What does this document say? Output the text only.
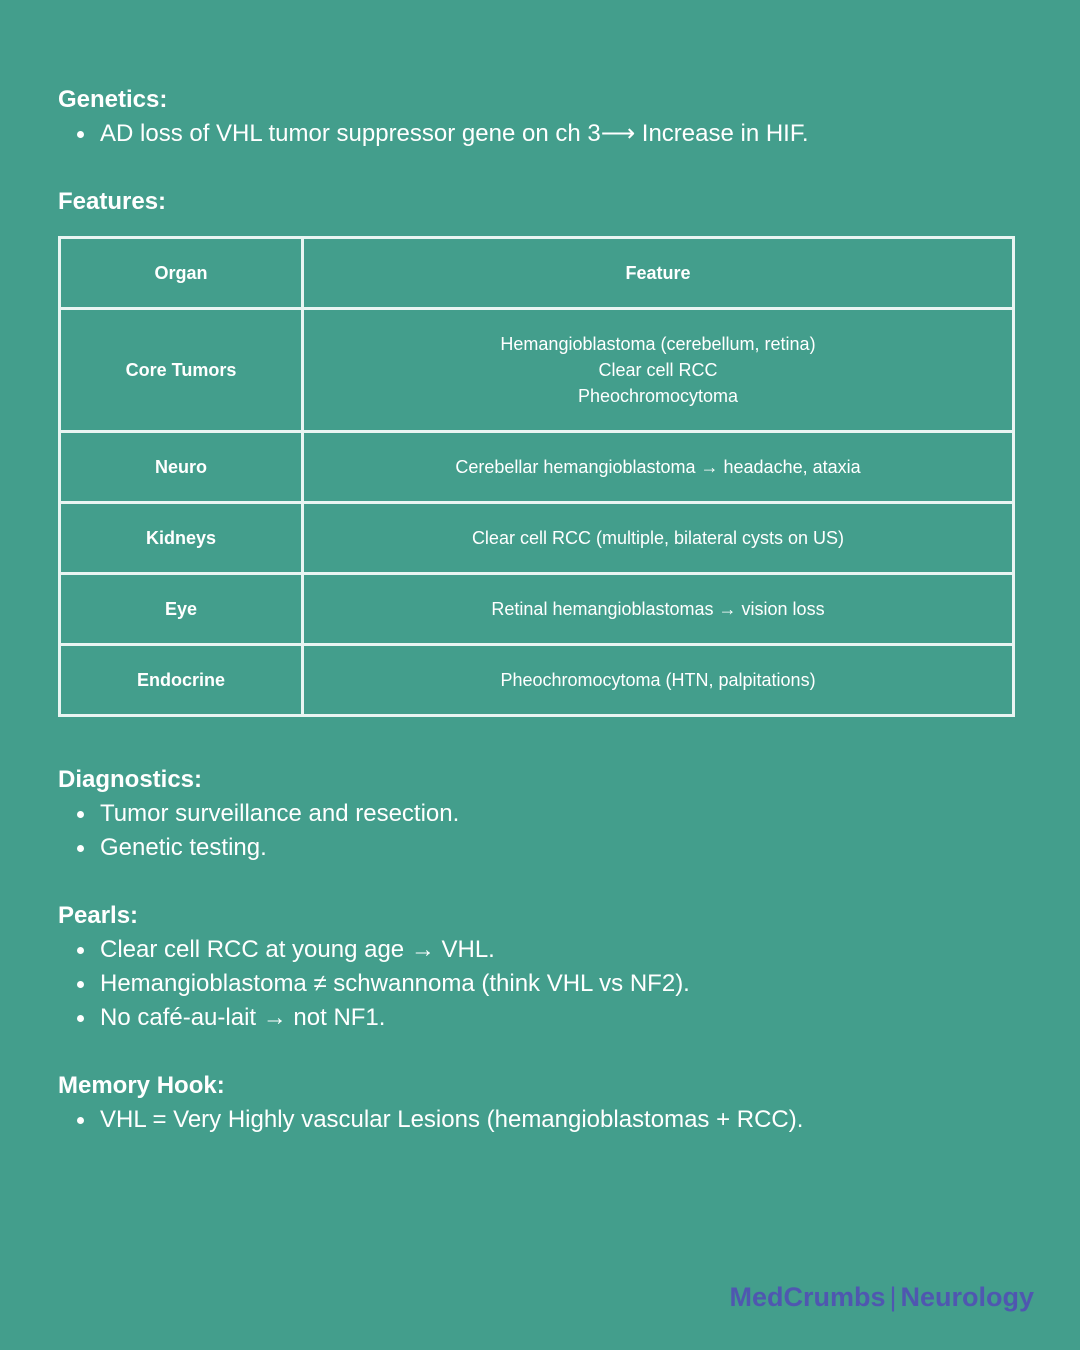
Genetics:
AD loss of VHL tumor suppressor gene on ch 3⟶ Increase in HIF.
Features:
Organ	Feature
Core Tumors	Hemangioblastoma (cerebellum, retina)
Clear cell RCC
Pheochromocytoma

Neuro	Cerebellar hemangioblastoma → headache, ataxia
Kidneys	Clear cell RCC (multiple, bilateral cysts on US)
Eye	Retinal hemangioblastomas → vision loss
Endocrine	Pheochromocytoma (HTN, palpitations)
Diagnostics:
Tumor surveillance and resection.
Genetic testing.
Pearls:
Clear cell RCC at young age → VHL.
Hemangioblastoma ≠ schwannoma (think VHL vs NF2).
No café-au-lait → not NF1.
Memory Hook:
VHL = Very Highly vascular Lesions (hemangioblastomas + RCC).
MedCrumbs | Neurology
